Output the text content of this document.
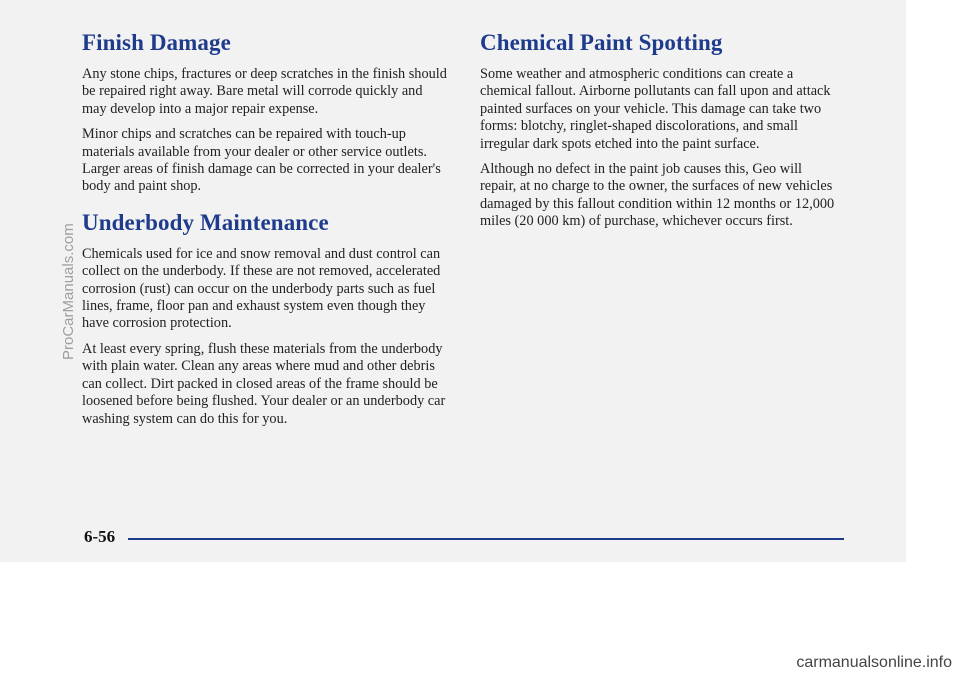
Finish Damage

Any stone chips, fractures or deep scratches in the finish should be repaired right away. Bare metal will corrode quickly and may develop into a major repair expense.

Minor chips and scratches can be repaired with touch-up materials available from your dealer or other service outlets. Larger areas of finish damage can be corrected in your dealer's body and paint shop.

Underbody Maintenance

Chemicals used for ice and snow removal and dust control can collect on the underbody. If these are not removed, accelerated corrosion (rust) can occur on the underbody parts such as fuel lines, frame, floor pan and exhaust system even though they have corrosion protection.

At least every spring, flush these materials from the underbody with plain water. Clean any areas where mud and other debris can collect. Dirt packed in closed areas of the frame should be loosened before being flushed. Your dealer or an underbody car washing system can do this for you.

Chemical Paint Spotting

Some weather and atmospheric conditions can create a chemical fallout. Airborne pollutants can fall upon and attack painted surfaces on your vehicle. This damage can take two forms: blotchy, ringlet-shaped discolorations, and small irregular dark spots etched into the paint surface.

Although no defect in the paint job causes this, Geo will repair, at no charge to the owner, the surfaces of new vehicles damaged by this fallout condition within 12 months or 12,000 miles (20 000 km) of purchase, whichever occurs first.

6-56
ProCarManuals.com
carmanualsonline.info
